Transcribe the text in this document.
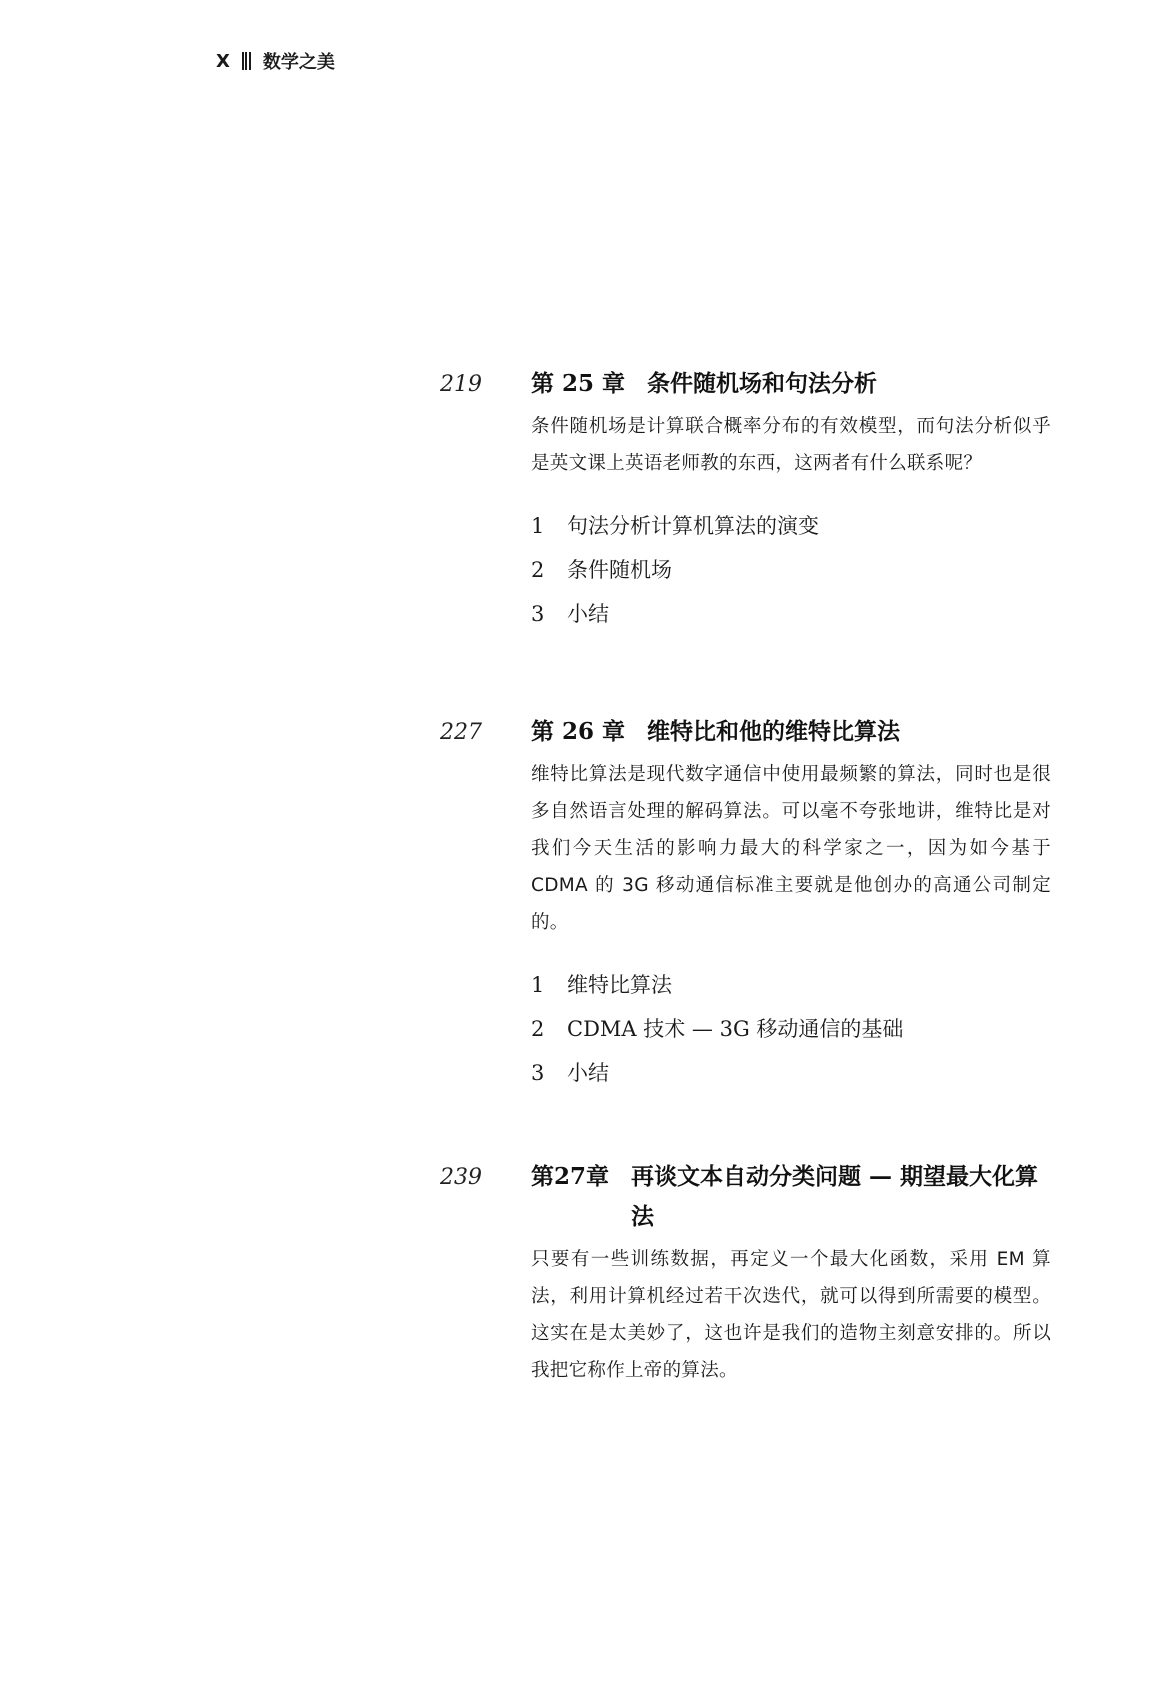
X 数学之美
219 第 25 章 条件随机场和句法分析

条件随机场是计算联合概率分布的有效模型，而句法分析似乎是英文课上英语老师教的东西，这两者有什么联系呢？

1	句法分析计算机算法的演变
2	条件随机场
3	小结
227 第 26 章 维特比和他的维特比算法

维特比算法是现代数字通信中使用最频繁的算法，同时也是很多自然语言处理的解码算法。可以毫不夸张地讲，维特比是对我们今天生活的影响力最大的科学家之一，因为如今基于 CDMA 的 3G 移动通信标准主要就是他创办的高通公司制定的。

1	维特比算法
2	CDMA 技术 — 3G 移动通信的基础
3	小结
239 第27章 再谈文本自动分类问题 — 期望最大化算法

只要有一些训练数据，再定义一个最大化函数，采用 EM 算法，利用计算机经过若干次迭代，就可以得到所需要的模型。这实在是太美妙了，这也许是我们的造物主刻意安排的。所以我把它称作上帝的算法。
